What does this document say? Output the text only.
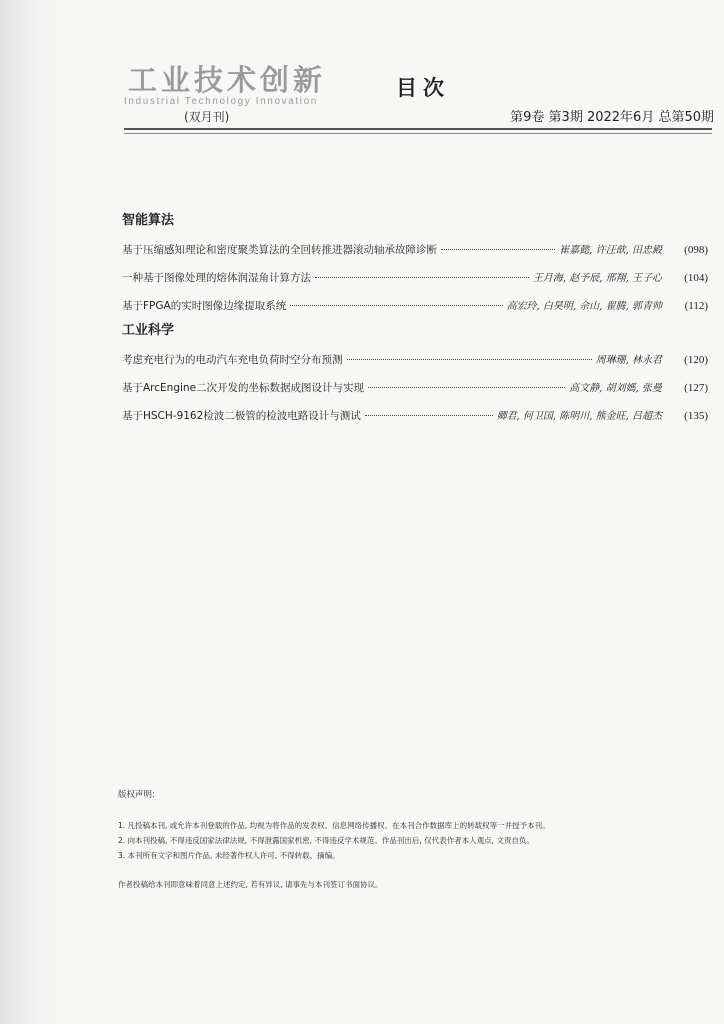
工业技术创新
Industrial Technology Innovation
(双月刊)
目次
第9卷 第3期 2022年6月 总第50期
智能算法
基于压缩感知理论和密度聚类算法的全回转推进器滚动轴承故障诊断	崔嘉懿, 许汪歆, 田忠殿	(098)
一种基于图像处理的熔体润湿角计算方法	王月海, 赵予辰, 邢翔, 王子心	(104)
基于FPGA的实时图像边缘提取系统	高宏玲, 白昊明, 佘山, 翟腾, 郭青帅	(112)
工业科学
考虑充电行为的电动汽车充电负荷时空分布预测	周琳珊, 林永君	(120)
基于ArcEngine二次开发的坐标数据成图设计与实现	高文静, 胡刘媽, 张曼	(127)
基于HSCH-9162检波二极管的检波电路设计与测试	卿君, 何卫国, 陈明川, 熊金旺, 吕超杰	(135)
版权声明:
1. 凡投稿本刊, 或允许本刊登载的作品, 均视为将作品的发表权、信息网络传播权、在本刊合作数据库上的转载权等一并授予本刊。
2. 向本刊投稿, 不得违反国家法律法规, 不得泄露国家机密, 不得违反学术规范。作品刊出后, 仅代表作者本人观点, 文责自负。
3. 本刊所有文字和图片作品, 未经著作权人许可, 不得转载、摘编。
作者投稿给本刊即意味着同意上述约定, 若有异议, 请事先与本刊签订书面协议。
